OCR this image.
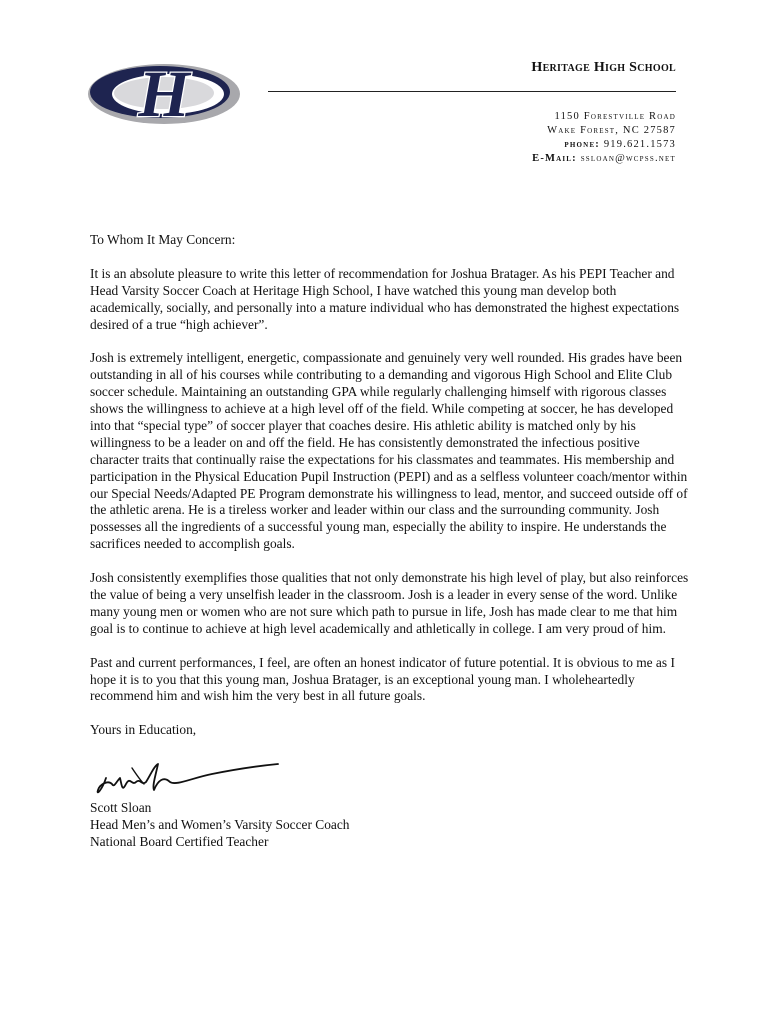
H	Heritage High School
1150 Forestville Road
Wake Forest, NC 27587
phone: 919.621.1573
E-Mail: ssloan@wcpss.net

To Whom It May Concern:

It is an absolute pleasure to write this letter of recommendation for Joshua Bratager. As his PEPI Teacher and Head Varsity Soccer Coach at Heritage High School, I have watched this young man develop both academically, socially, and personally into a mature individual who has demonstrated the highest expectations desired of a true “high achiever”.

Josh is extremely intelligent, energetic, compassionate and genuinely very well rounded. His grades have been outstanding in all of his courses while contributing to a demanding and vigorous High School and Elite Club soccer schedule. Maintaining an outstanding GPA while regularly challenging himself with rigorous classes shows the willingness to achieve at a high level off of the field. While competing at soccer, he has developed into that “special type” of soccer player that coaches desire. His athletic ability is matched only by his willingness to be a leader on and off the field. He has consistently demonstrated the infectious positive character traits that continually raise the expectations for his classmates and teammates. His membership and participation in the Physical Education Pupil Instruction (PEPI) and as a selfless volunteer coach/mentor within our Special Needs/Adapted PE Program demonstrate his willingness to lead, mentor, and succeed outside off of the athletic arena. He is a tireless worker and leader within our class and the surrounding community. Josh possesses all the ingredients of a successful young man, especially the ability to inspire. He understands the sacrifices needed to accomplish goals.

Josh consistently exemplifies those qualities that not only demonstrate his high level of play, but also reinforces the value of being a very unselfish leader in the classroom. Josh is a leader in every sense of the word. Unlike many young men or women who are not sure which path to pursue in life, Josh has made clear to me that him goal is to continue to achieve at high level academically and athletically in college. I am very proud of him.

Past and current performances, I feel, are often an honest indicator of future potential. It is obvious to me as I hope it is to you that this young man, Joshua Bratager, is an exceptional young man. I wholeheartedly recommend him and wish him the very best in all future goals.

Yours in Education,

Scott Sloan
Head Men’s and Women’s Varsity Soccer Coach
National Board Certified Teacher
